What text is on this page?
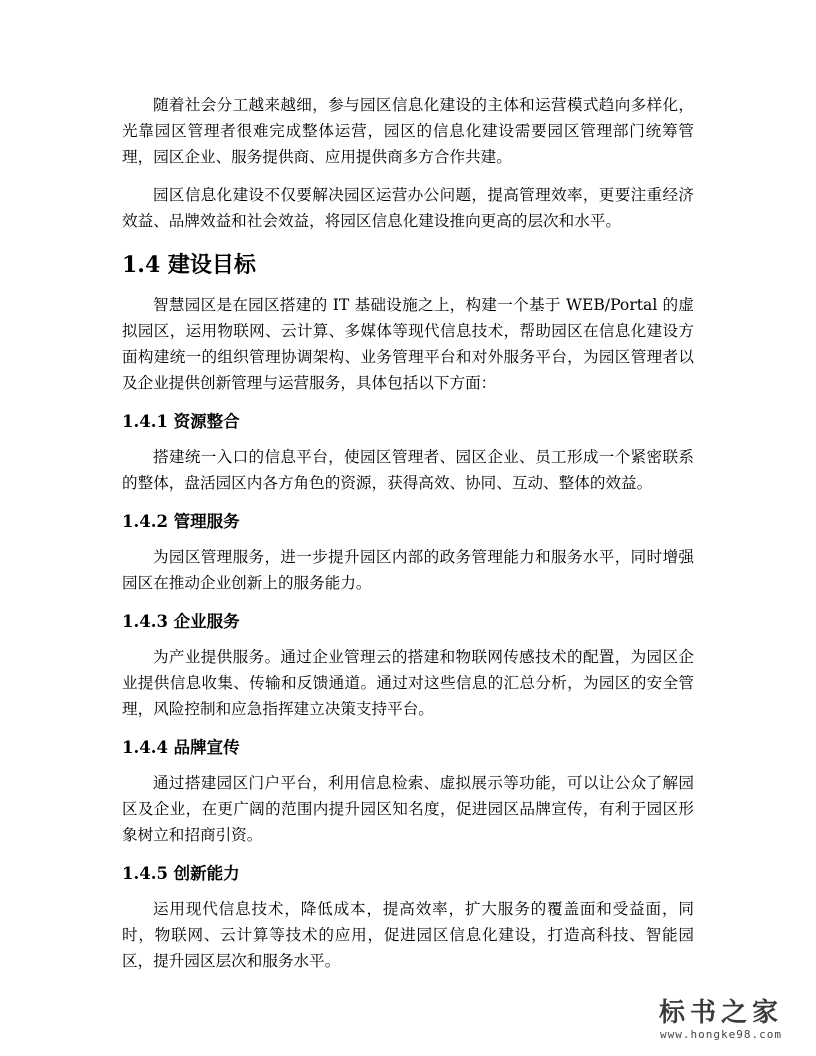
随着社会分工越来越细，参与园区信息化建设的主体和运营模式趋向多样化，光靠园区管理者很难完成整体运营，园区的信息化建设需要园区管理部门统筹管理，园区企业、服务提供商、应用提供商多方合作共建。

园区信息化建设不仅要解决园区运营办公问题，提高管理效率，更要注重经济效益、品牌效益和社会效益，将园区信息化建设推向更高的层次和水平。

1.4 建设目标

智慧园区是在园区搭建的 IT 基础设施之上，构建一个基于 WEB/Portal 的虚拟园区，运用物联网、云计算、多媒体等现代信息技术，帮助园区在信息化建设方面构建统一的组织管理协调架构、业务管理平台和对外服务平台，为园区管理者以及企业提供创新管理与运营服务，具体包括以下方面：

1.4.1 资源整合

搭建统一入口的信息平台，使园区管理者、园区企业、员工形成一个紧密联系的整体，盘活园区内各方角色的资源，获得高效、协同、互动、整体的效益。

1.4.2 管理服务

为园区管理服务，进一步提升园区内部的政务管理能力和服务水平，同时增强园区在推动企业创新上的服务能力。

1.4.3 企业服务

为产业提供服务。通过企业管理云的搭建和物联网传感技术的配置，为园区企业提供信息收集、传输和反馈通道。通过对这些信息的汇总分析，为园区的安全管理，风险控制和应急指挥建立决策支持平台。

1.4.4 品牌宣传

通过搭建园区门户平台，利用信息检索、虚拟展示等功能，可以让公众了解园区及企业，在更广阔的范围内提升园区知名度，促进园区品牌宣传，有利于园区形象树立和招商引资。

1.4.5 创新能力

运用现代信息技术，降低成本，提高效率，扩大服务的覆盖面和受益面，同时，物联网、云计算等技术的应用，促进园区信息化建设，打造高科技、智能园区，提升园区层次和服务水平。

标书之家
www.hongke98.com
